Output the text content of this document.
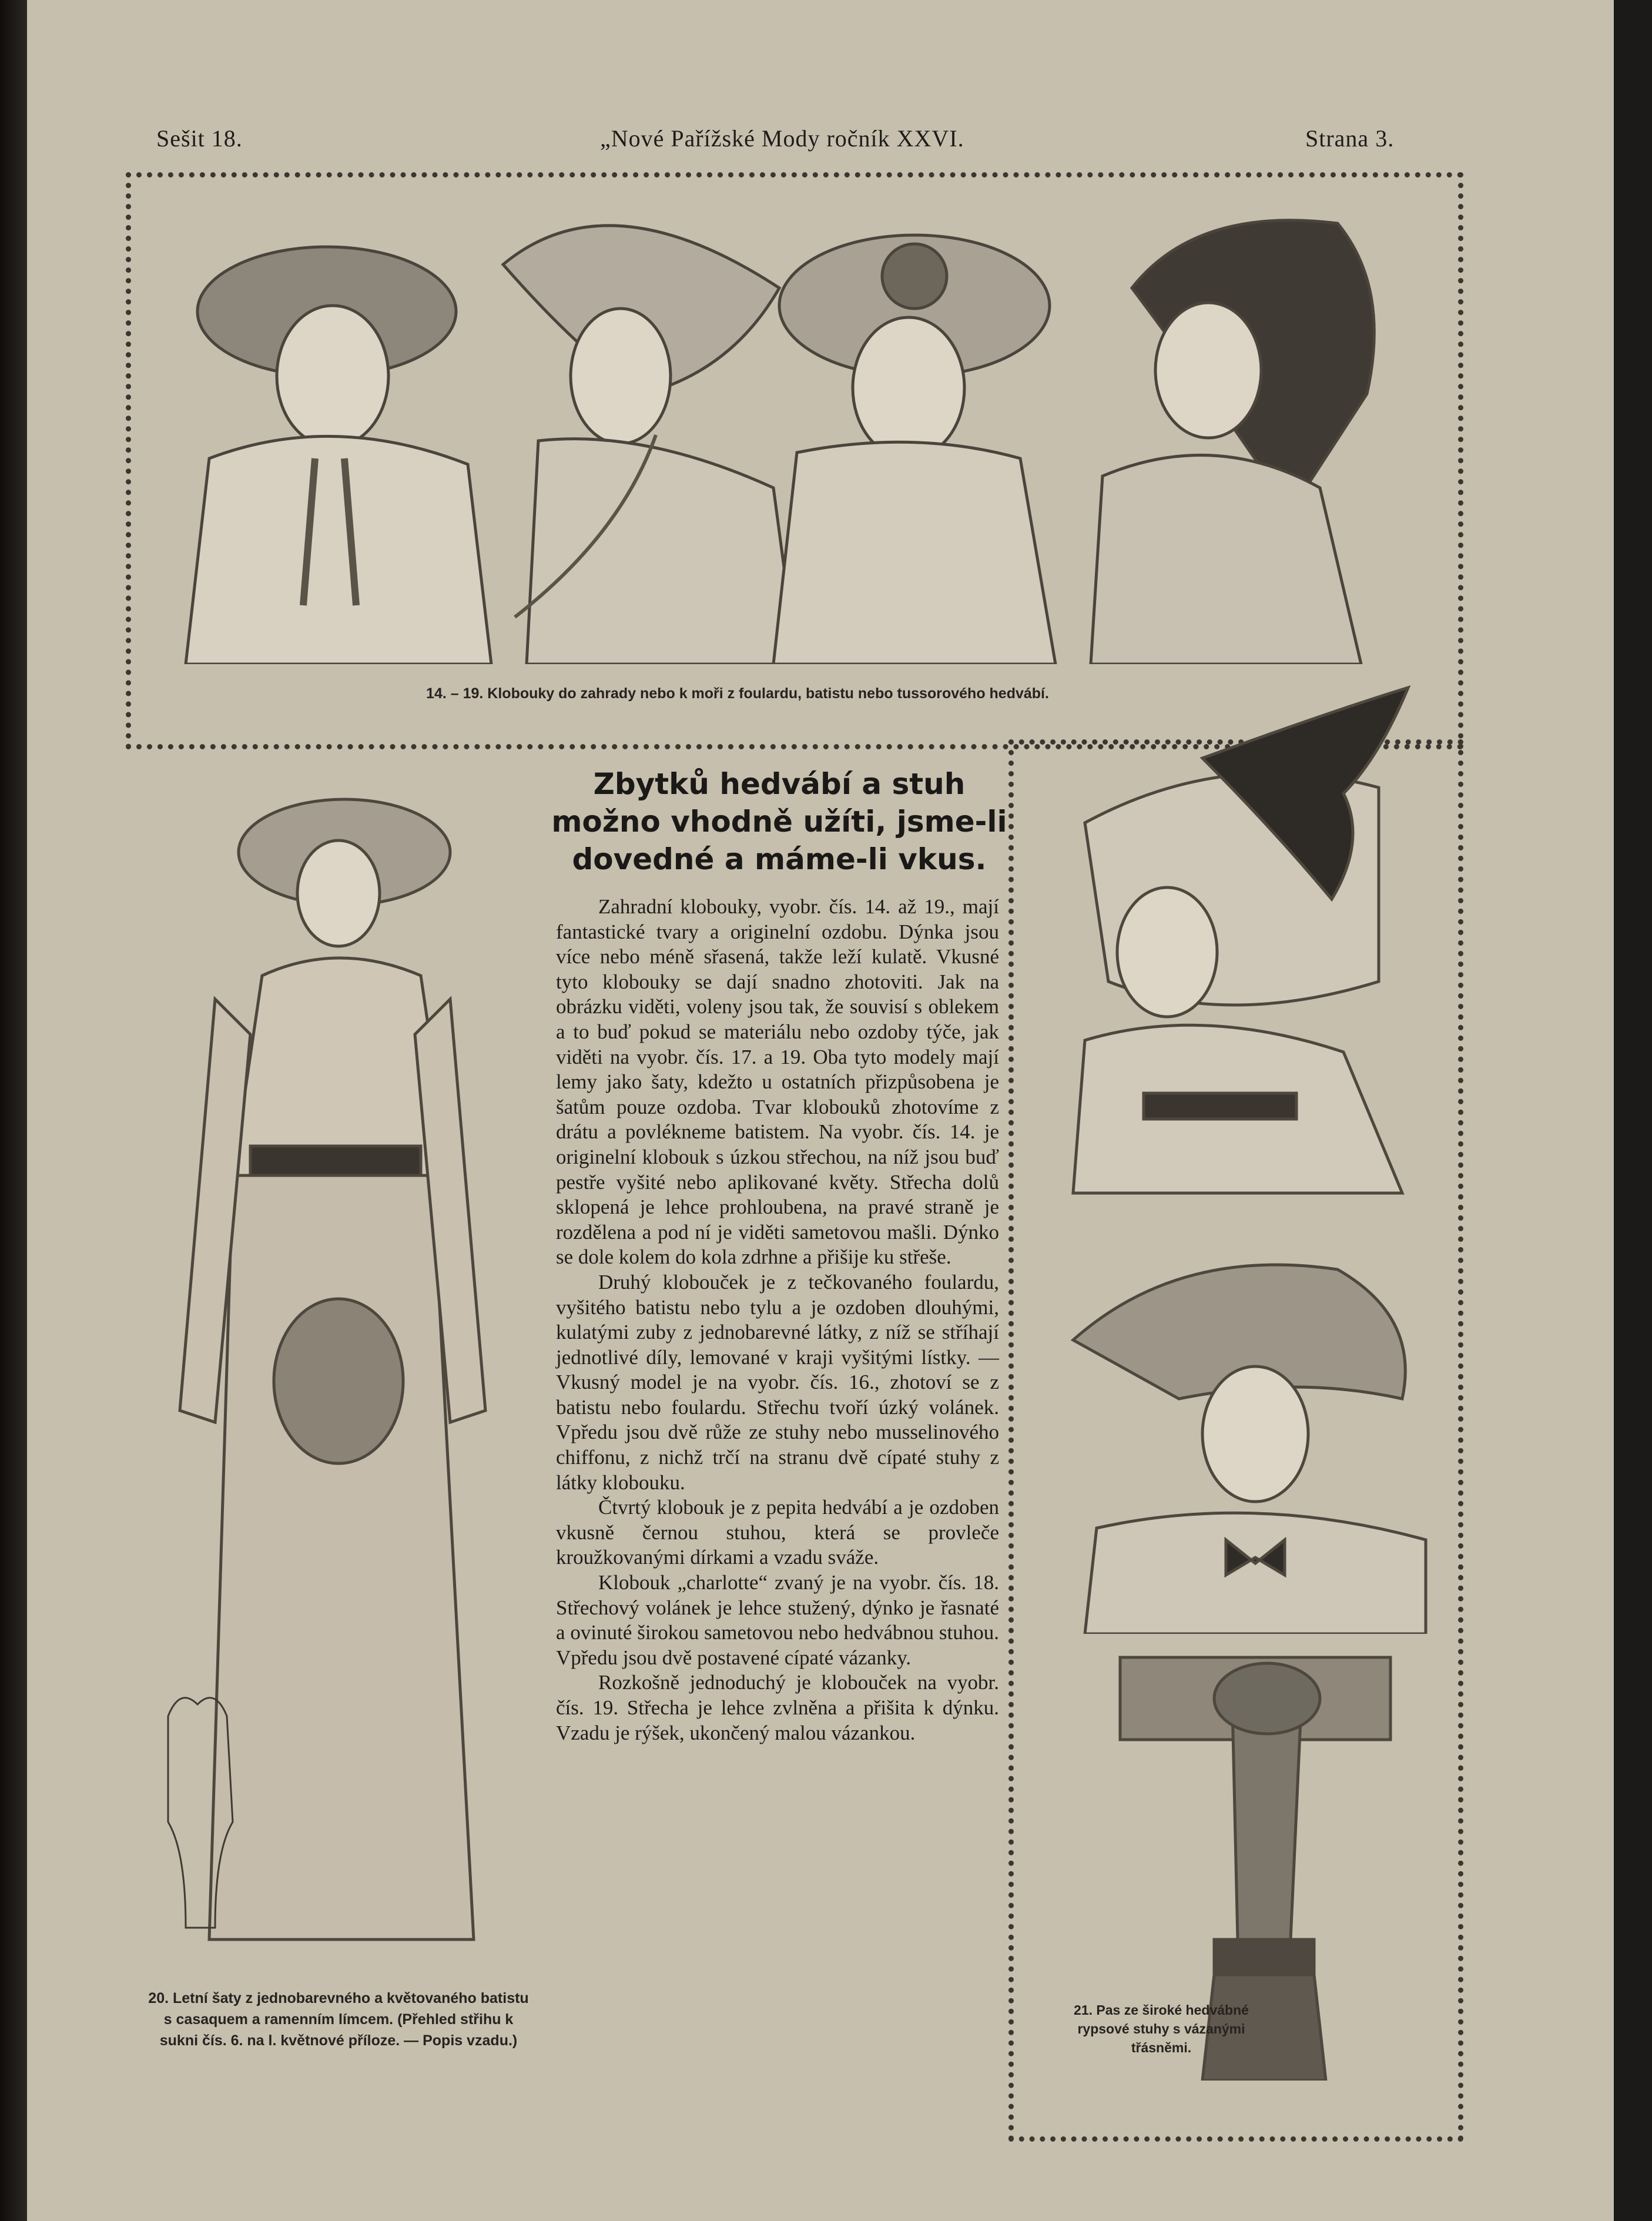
Sešit 18.	„Nové Pařížské Mody ročník XXVI.	Strana 3.
14. – 19. Klobouky do zahrady nebo k moři z foulardu, batistu nebo tussorového hedvábí.
20. Letní šaty z jednobarevného a květovaného batistu s casaquem a ramenním límcem. (Přehled střihu k sukni čís. 6. na l. květnové příloze. — Popis vzadu.)
Zbytků hedvábí a stuh možno vhodně užíti, jsme-li dovedné a máme-li vkus.

Zahradní klobouky, vyobr. čís. 14. až 19., mají fantastické tvary a originelní ozdobu. Dýnka jsou více nebo méně sřasená, takže leží kulatě. Vkusné tyto klobouky se dají snadno zhotoviti. Jak na obrázku viděti, voleny jsou tak, že souvisí s oblekem a to buď pokud se materiálu nebo ozdoby týče, jak viděti na vyobr. čís. 17. a 19. Oba tyto modely mají lemy jako šaty, kdežto u ostatních přizpůsobena je šatům pouze ozdoba. Tvar klobouků zhotovíme z drátu a povlékneme batistem. Na vyobr. čís. 14. je originelní klobouk s úzkou střechou, na níž jsou buď pestře vyšité nebo aplikované květy. Střecha dolů sklopená je lehce prohloubena, na pravé straně je rozdělena a pod ní je viděti sametovou mašli. Dýnko se dole kolem do kola zdrhne a přišije ku střeše.

Druhý klobouček je z tečkovaného foulardu, vyšitého batistu nebo tylu a je ozdoben dlouhými, kulatými zuby z jednobarevné látky, z níž se stříhají jednotlivé díly, lemované v kraji vyšitými lístky. — Vkusný model je na vyobr. čís. 16., zhotoví se z batistu nebo foulardu. Střechu tvoří úzký volánek. Vpředu jsou dvě růže ze stuhy nebo musselinového chiffonu, z nichž trčí na stranu dvě cípaté stuhy z látky klobouku.

Čtvrtý klobouk je z pepita hedvábí a je ozdoben vkusně černou stuhou, která se provleče kroužkovanými dírkami a vzadu sváže.

Klobouk „charlotte“ zvaný je na vyobr. čís. 18. Střechový volánek je lehce stužený, dýnko je řasnaté a ovinuté širokou sametovou nebo hedvábnou stuhou. Vpředu jsou dvě postavené cípaté vázanky.

Rozkošně jednoduchý je klobouček na vyobr. čís. 19. Střecha je lehce zvlněna a přišita k dýnku. Vzadu je rýšek, ukončený malou vázankou.

21. Pas ze široké hedvábné rypsové stuhy s vázanými třásněmi.
